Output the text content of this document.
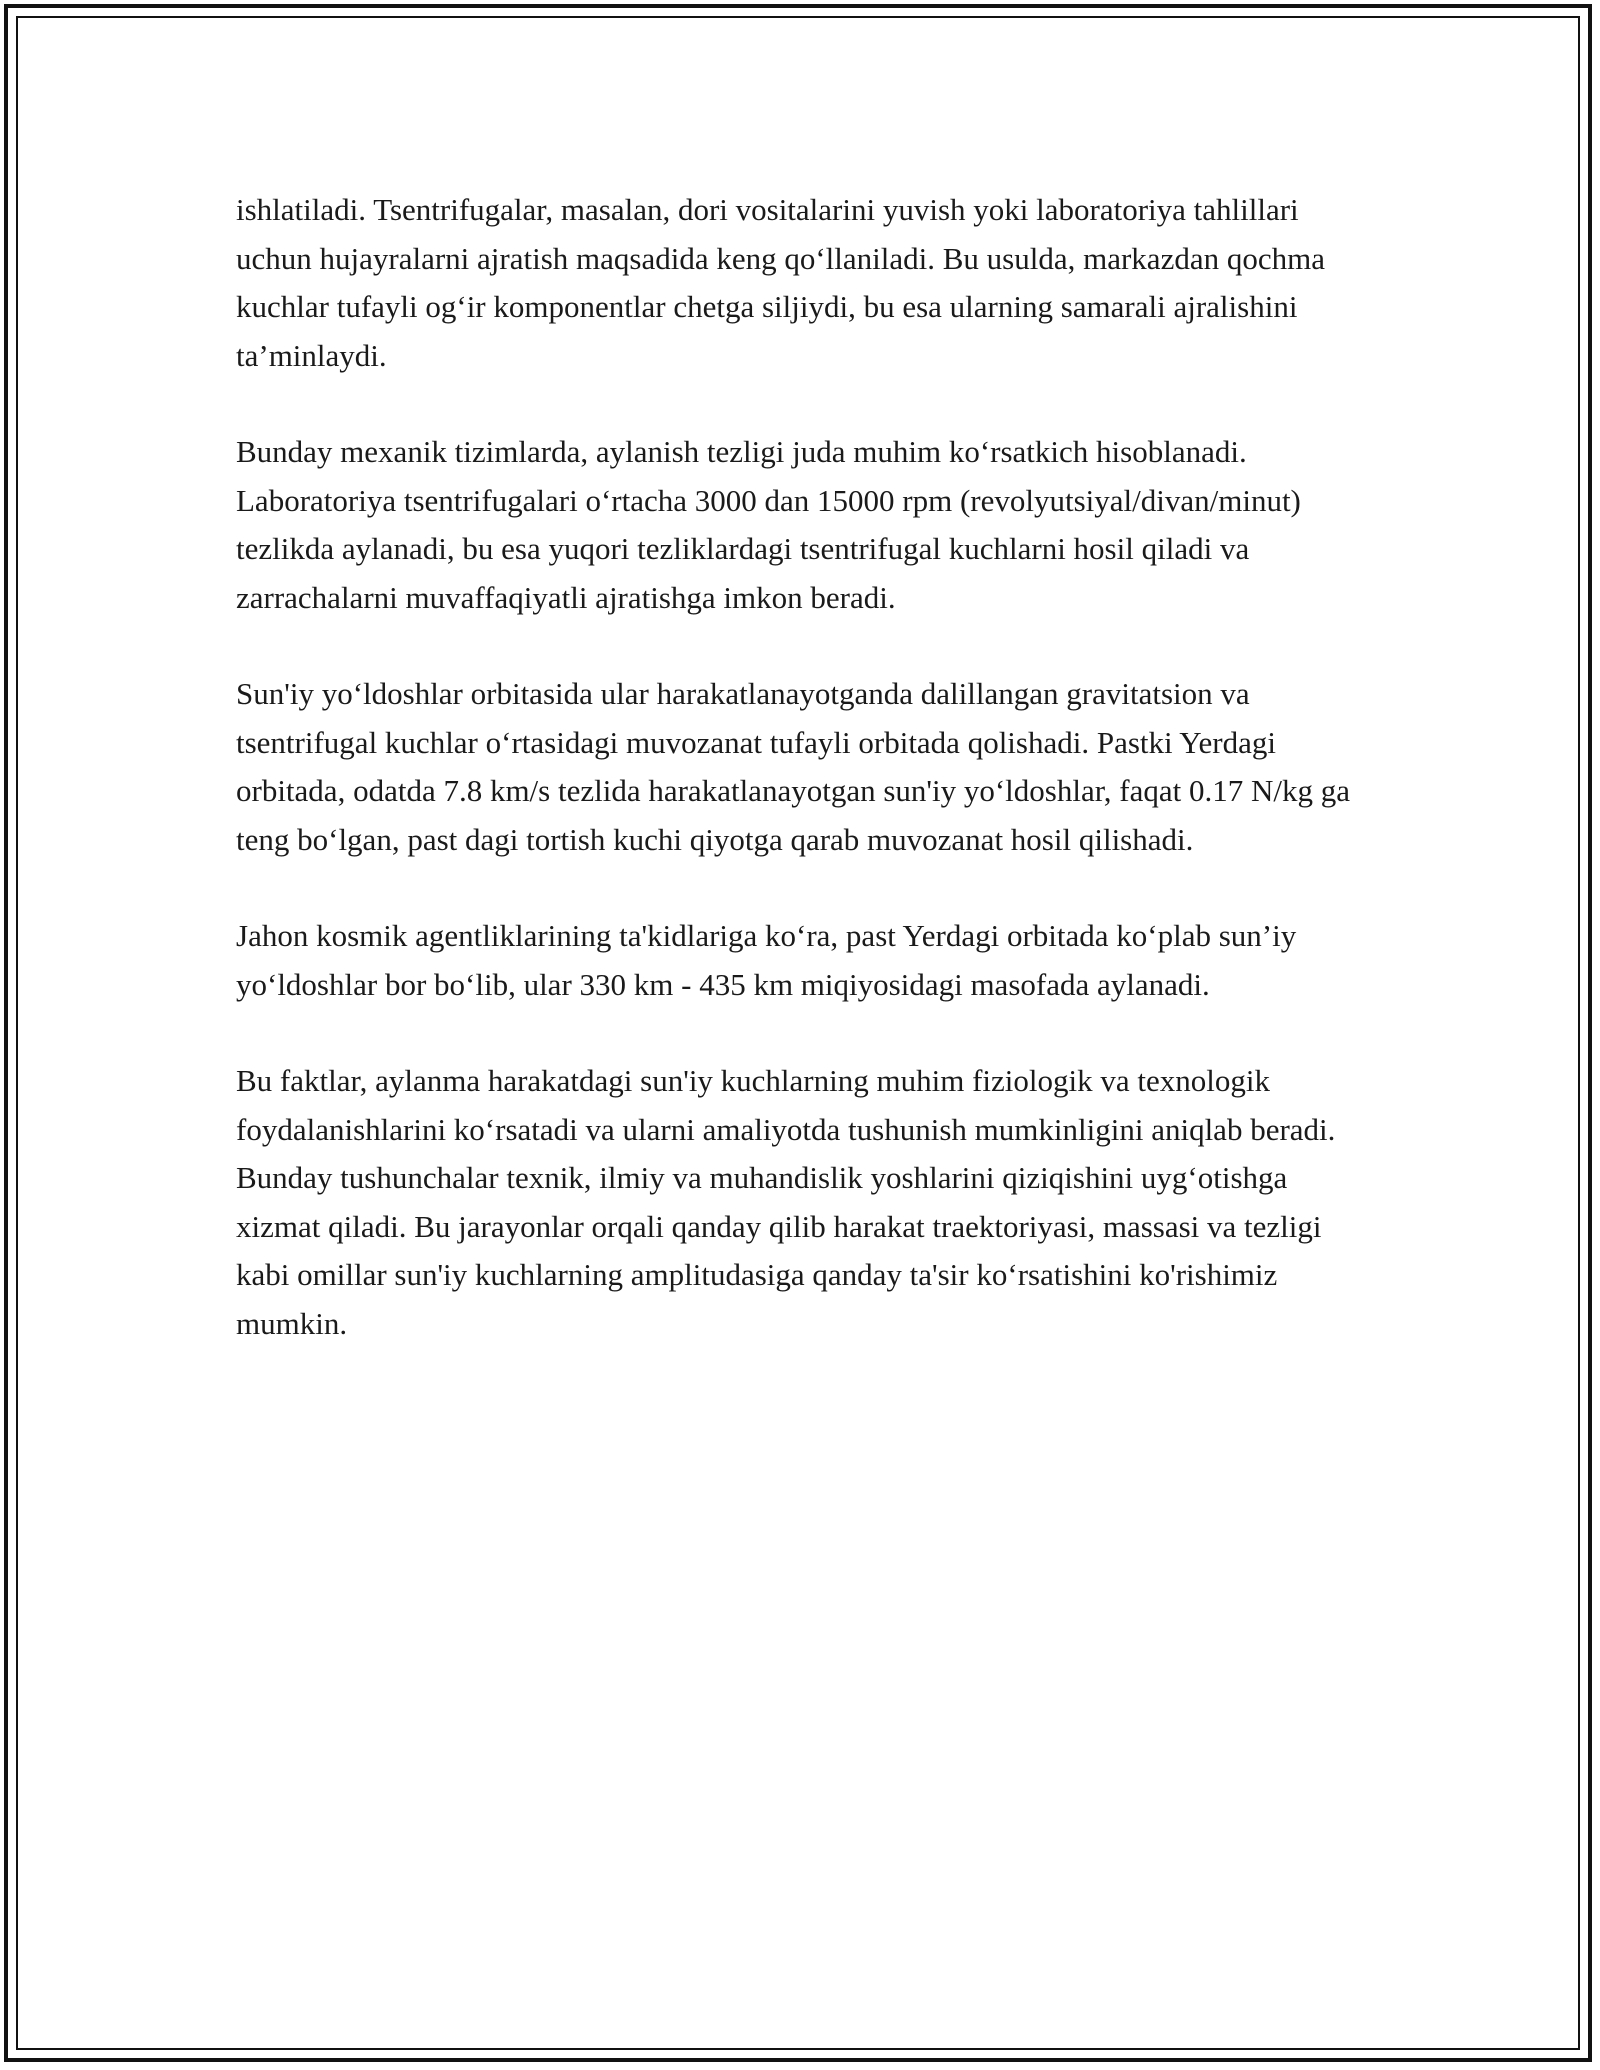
ishlatiladi. Tsentrifugalar, masalan, dori vositalarini yuvish yoki laboratoriya tahlillari uchun hujayralarni ajratish maqsadida keng qoʻllaniladi. Bu usulda, markazdan qochma kuchlar tufayli ogʻir komponentlar chetga siljiydi, bu esa ularning samarali ajralishini ta’minlaydi.

Bunday mexanik tizimlarda, aylanish tezligi juda muhim koʻrsatkich hisoblanadi. Laboratoriya tsentrifugalari oʻrtacha 3000 dan 15000 rpm (revolyutsiyal/divan/minut) tezlikda aylanadi, bu esa yuqori tezliklardagi tsentrifugal kuchlarni hosil qiladi va zarrachalarni muvaffaqiyatli ajratishga imkon beradi.

Sun'iy yoʻldoshlar orbitasida ular harakatlanayotganda dalillangan gravitatsion va tsentrifugal kuchlar oʻrtasidagi muvozanat tufayli orbitada qolishadi. Pastki Yerdagi orbitada, odatda 7.8 km/s tezlida harakatlanayotgan sun'iy yoʻldoshlar, faqat 0.17 N/kg ga teng boʻlgan, past dagi tortish kuchi qiyotga qarab muvozanat hosil qilishadi.

Jahon kosmik agentliklarining ta'kidlariga koʻra, past Yerdagi orbitada koʻplab sun’iy yoʻldoshlar bor boʻlib, ular 330 km - 435 km miqiyosidagi masofada aylanadi.

Bu faktlar, aylanma harakatdagi sun'iy kuchlarning muhim fiziologik va texnologik foydalanishlarini koʻrsatadi va ularni amaliyotda tushunish mumkinligini aniqlab beradi. Bunday tushunchalar texnik, ilmiy va muhandislik yoshlarini qiziqishini uygʻotishga xizmat qiladi. Bu jarayonlar orqali qanday qilib harakat traektoriyasi, massasi va tezligi kabi omillar sun'iy kuchlarning amplitudasiga qanday ta'sir koʻrsatishini ko'rishimiz mumkin.
